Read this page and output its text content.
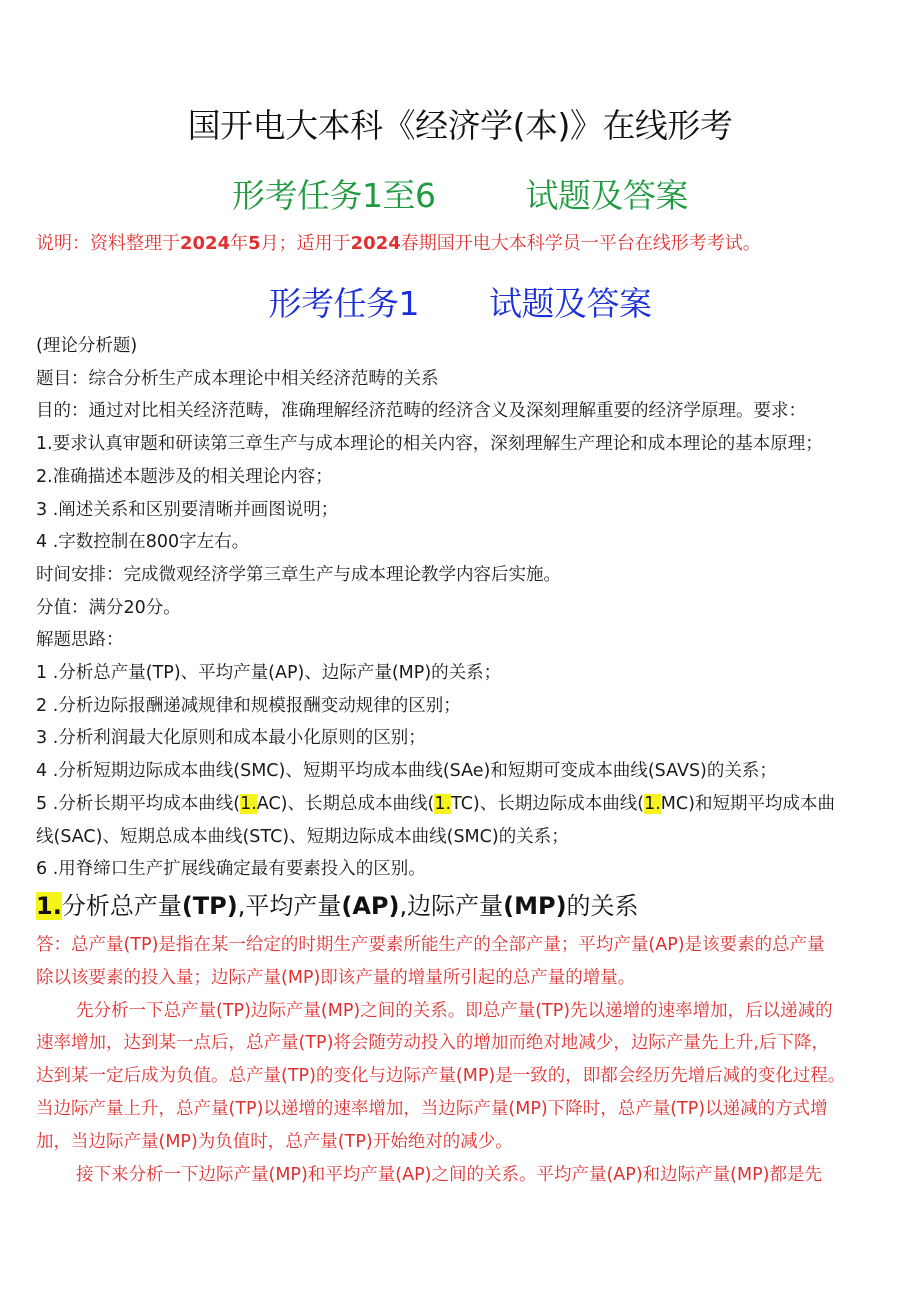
国开电大本科《经济学(本)》在线形考
形考任务1至6	试题及答案
说明：资料整理于2024年5月；适用于2024春期国开电大本科学员一平台在线形考考试。
形考任务1 试题及答案
(理论分析题)
题目：综合分析生产成本理论中相关经济范畴的关系
目的：通过对比相关经济范畴，准确理解经济范畴的经济含义及深刻理解重要的经济学原理。要求：
1.要求认真审题和研读第三章生产与成本理论的相关内容，深刻理解生产理论和成本理论的基本原理；
2.准确描述本题涉及的相关理论内容；
3 .阐述关系和区别要清晰并画图说明；
4 .字数控制在800字左右。
时间安排：完成微观经济学第三章生产与成本理论教学内容后实施。
分值：满分20分。
解题思路：
1 .分析总产量(TP)、平均产量(AP)、边际产量(MP)的关系；
2 .分析边际报酬递减规律和规模报酬变动规律的区别；
3 .分析利润最大化原则和成本最小化原则的区别；
4 .分析短期边际成本曲线(SMC)、短期平均成本曲线(SAe)和短期可变成本曲线(SAVS)的关系；
5 .分析长期平均成本曲线(1.AC)、长期总成本曲线(1.TC)、长期边际成本曲线(1.MC)和短期平均成本曲
线(SAC)、短期总成本曲线(STC)、短期边际成本曲线(SMC)的关系；
6 .用脊缔口生产扩展线确定最有要素投入的区别。
1.分析总产量(TP),平均产量(AP),边际产量(MP)的关系
答：总产量(TP)是指在某一给定的时期生产要素所能生产的全部产量；平均产量(AP)是该要素的总产量
除以该要素的投入量；边际产量(MP)即该产量的增量所引起的总产量的增量。
先分析一下总产量(TP)边际产量(MP)之间的关系。即总产量(TP)先以递增的速率增加，后以递减的
速率增加，达到某一点后，总产量(TP)将会随劳动投入的增加而绝对地减少，边际产量先上升,后下降，
达到某一定后成为负值。总产量(TP)的变化与边际产量(MP)是一致的，即都会经历先增后减的变化过程。
当边际产量上升，总产量(TP)以递增的速率增加，当边际产量(MP)下降时，总产量(TP)以递减的方式增
加，当边际产量(MP)为负值时，总产量(TP)开始绝对的减少。
接下来分析一下边际产量(MP)和平均产量(AP)之间的关系。平均产量(AP)和边际产量(MP)都是先
